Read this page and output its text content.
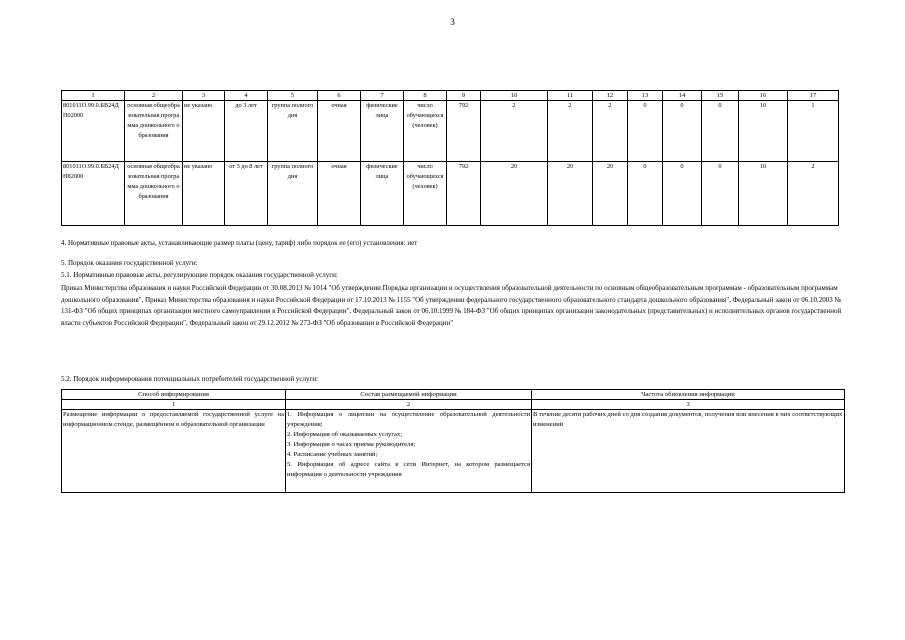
3
1	2	3	4	5	6	7	8	9	10	11	12	13	14	15	16	17
801011О.99.0.БВ24ДП02000	основная общеобразовательная программа дошкольного образования	не указано	до 3 лет	группа полного дня	очная	физические лица	число обучающихся (человек)	792	2	2	2	0	0	0	10	1
801011О.99.0.БВ24ДН82000	основная общеобразовательная программа дошкольного образования	не указано	от 3 до 8 лет	группа полного дня	очная	физические лица	число обучающихся (человек)	792	20	20	20	0	0	0	10	2
4. Нормативные правовые акты, устанавливающие размер платы (цену, тариф) либо порядок ее (его) установления: нет
5. Порядок оказания государственной услуги:
5.1. Нормативные правовые акты, регулирующие порядок оказания государственной услуги:
Приказ Министерства образования и науки Российской Федерации от 30.08.2013 № 1014 "Об утверждении Порядка организации и осуществления образовательной деятельности по основным общеобразовательным программам - образовательным программам дошкольного образования", Приказ Министерства образования и науки Российской Федерации от 17.10.2013 № 1155 "Об утверждении федерального государственного образовательного стандарта дошкольного образования", Федеральный закон от 06.10.2003 № 131-ФЗ "Об общих принципах организации местного самоуправления в Российской Федерации", Федеральный закон от 06.10.1999 № 184-ФЗ "Об общих принципах организации законодательных (представительных) и исполнительных органов государственной власти субъектов Российской Федерации", Федеральный закон от 29.12.2012 № 273-ФЗ "Об образовании в Российской Федерации"
5.2. Порядок информирования потенциальных потребителей государственной услуги:
Способ информирования	Состав размещаемой информации	Частота обновления информации
1	2	3
Размещение информации о предоставляемой государственной услуге на информационном стенде, размещённом в образовательной организации	1. Информация о лицензии на осуществление образовательной деятельности учреждения;
2. Информация об оказываемых услугах;
3. Информация о часах приема руководителя;
4. Расписание учебных занятий;
5. Информация об адресе сайта в сети Интернет, на котором размещается информация о деятельности учреждения	В течение десяти рабочих дней со дня создания документов, получения или внесения в них соответствующих изменений
